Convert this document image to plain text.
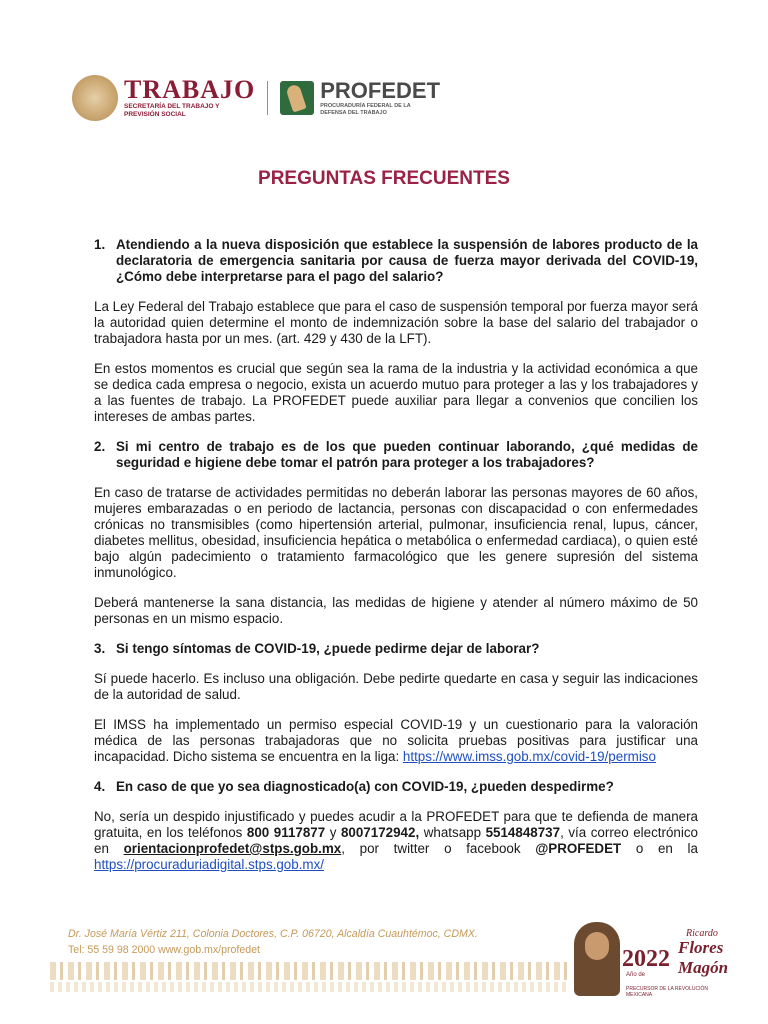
TRABAJO
SECRETARÍA DEL TRABAJO Y PREVISIÓN SOCIAL
PROFEDET
PROCURADURÍA FEDERAL DE LA DEFENSA DEL TRABAJO
PREGUNTAS FRECUENTES
1. Atendiendo a la nueva disposición que establece la suspensión de labores producto de la declaratoria de emergencia sanitaria por causa de fuerza mayor derivada del COVID-19, ¿Cómo debe interpretarse para el pago del salario?
La Ley Federal del Trabajo establece que para el caso de suspensión temporal por fuerza mayor será la autoridad quien determine el monto de indemnización sobre la base del salario del trabajador o trabajadora hasta por un mes. (art. 429 y 430 de la LFT).
En estos momentos es crucial que según sea la rama de la industria y la actividad económica a que se dedica cada empresa o negocio, exista un acuerdo mutuo para proteger a las y los trabajadores y a las fuentes de trabajo. La PROFEDET puede auxiliar para llegar a convenios que concilien los intereses de ambas partes.
2. Si mi centro de trabajo es de los que pueden continuar laborando, ¿qué medidas de seguridad e higiene debe tomar el patrón para proteger a los trabajadores?
En caso de tratarse de actividades permitidas no deberán laborar las personas mayores de 60 años, mujeres embarazadas o en periodo de lactancia, personas con discapacidad o con enfermedades crónicas no transmisibles (como hipertensión arterial, pulmonar, insuficiencia renal, lupus, cáncer, diabetes mellitus, obesidad, insuficiencia hepática o metabólica o enfermedad cardiaca), o quien esté bajo algún padecimiento o tratamiento farmacológico que les genere supresión del sistema inmunológico.
Deberá mantenerse la sana distancia, las medidas de higiene y atender al número máximo de 50 personas en un mismo espacio.
3. Si tengo síntomas de COVID-19, ¿puede pedirme dejar de laborar?
Sí puede hacerlo. Es incluso una obligación. Debe pedirte quedarte en casa y seguir las indicaciones de la autoridad de salud.
El IMSS ha implementado un permiso especial COVID-19 y un cuestionario para la valoración médica de las personas trabajadoras que no solicita pruebas positivas para justificar una incapacidad. Dicho sistema se encuentra en la liga: https://www.imss.gob.mx/covid-19/permiso
4. En caso de que yo sea diagnosticado(a) con COVID-19, ¿pueden despedirme?
No, sería un despido injustificado y puedes acudir a la PROFEDET para que te defienda de manera gratuita, en los teléfonos 800 9117877 y 8007172942, whatsapp 5514848737, vía correo electrónico en orientacionprofedet@stps.gob.mx, por twitter o facebook @PROFEDET o en la https://procuraduriadigital.stps.gob.mx/
Dr. José María Vértiz 211, Colonia Doctores, C.P. 06720, Alcaldía Cuauhtémoc, CDMX.
Tel: 55 59 98 2000 www.gob.mx/profedet	2022
Año de
Ricardo
Flores
Magón
PRECURSOR DE LA REVOLUCIÓN MEXICANA
